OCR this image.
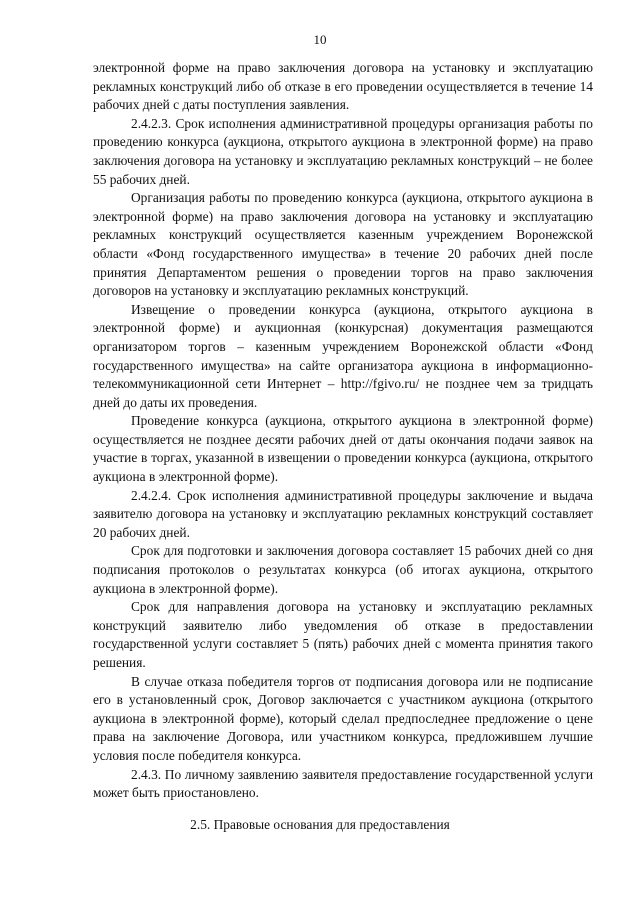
10

электронной форме на право заключения договора на установку и эксплуатацию рекламных конструкций либо об отказе в его проведении осуществляется в течение 14 рабочих дней с даты поступления заявления.

2.4.2.3. Срок исполнения административной процедуры организация работы по проведению конкурса (аукциона, открытого аукциона в электронной форме) на право заключения договора на установку и эксплуатацию рекламных конструкций – не более 55 рабочих дней.

Организация работы по проведению конкурса (аукциона, открытого аукциона в электронной форме) на право заключения договора на установку и эксплуатацию рекламных конструкций осуществляется казенным учреждением Воронежской области «Фонд государственного имущества» в течение 20 рабочих дней после принятия Департаментом решения о проведении торгов на право заключения договоров на установку и эксплуатацию рекламных конструкций.

Извещение о проведении конкурса (аукциона, открытого аукциона в электронной форме) и аукционная (конкурсная) документация размещаются организатором торгов – казенным учреждением Воронежской области «Фонд государственного имущества» на сайте организатора аукциона в информационно-телекоммуникационной сети Интернет – http://fgivo.ru/ не позднее чем за тридцать дней до даты их проведения.

Проведение конкурса (аукциона, открытого аукциона в электронной форме) осуществляется не позднее десяти рабочих дней от даты окончания подачи заявок на участие в торгах, указанной в извещении о проведении конкурса (аукциона, открытого аукциона в электронной форме).

2.4.2.4. Срок исполнения административной процедуры заключение и выдача заявителю договора на установку и эксплуатацию рекламных конструкций составляет 20 рабочих дней.

Срок для подготовки и заключения договора составляет 15 рабочих дней со дня подписания протоколов о результатах конкурса (об итогах аукциона, открытого аукциона в электронной форме).

Срок для направления договора на установку и эксплуатацию рекламных конструкций заявителю либо уведомления об отказе в предоставлении государственной услуги составляет 5 (пять) рабочих дней с момента принятия такого решения.

В случае отказа победителя торгов от подписания договора или не подписание его в установленный срок, Договор заключается с участником аукциона (открытого аукциона в электронной форме), который сделал предпоследнее предложение о цене права на заключение Договора, или участником конкурса, предложившем лучшие условия после победителя конкурса.

2.4.3. По личному заявлению заявителя предоставление государственной услуги может быть приостановлено.

2.5. Правовые основания для предоставления
